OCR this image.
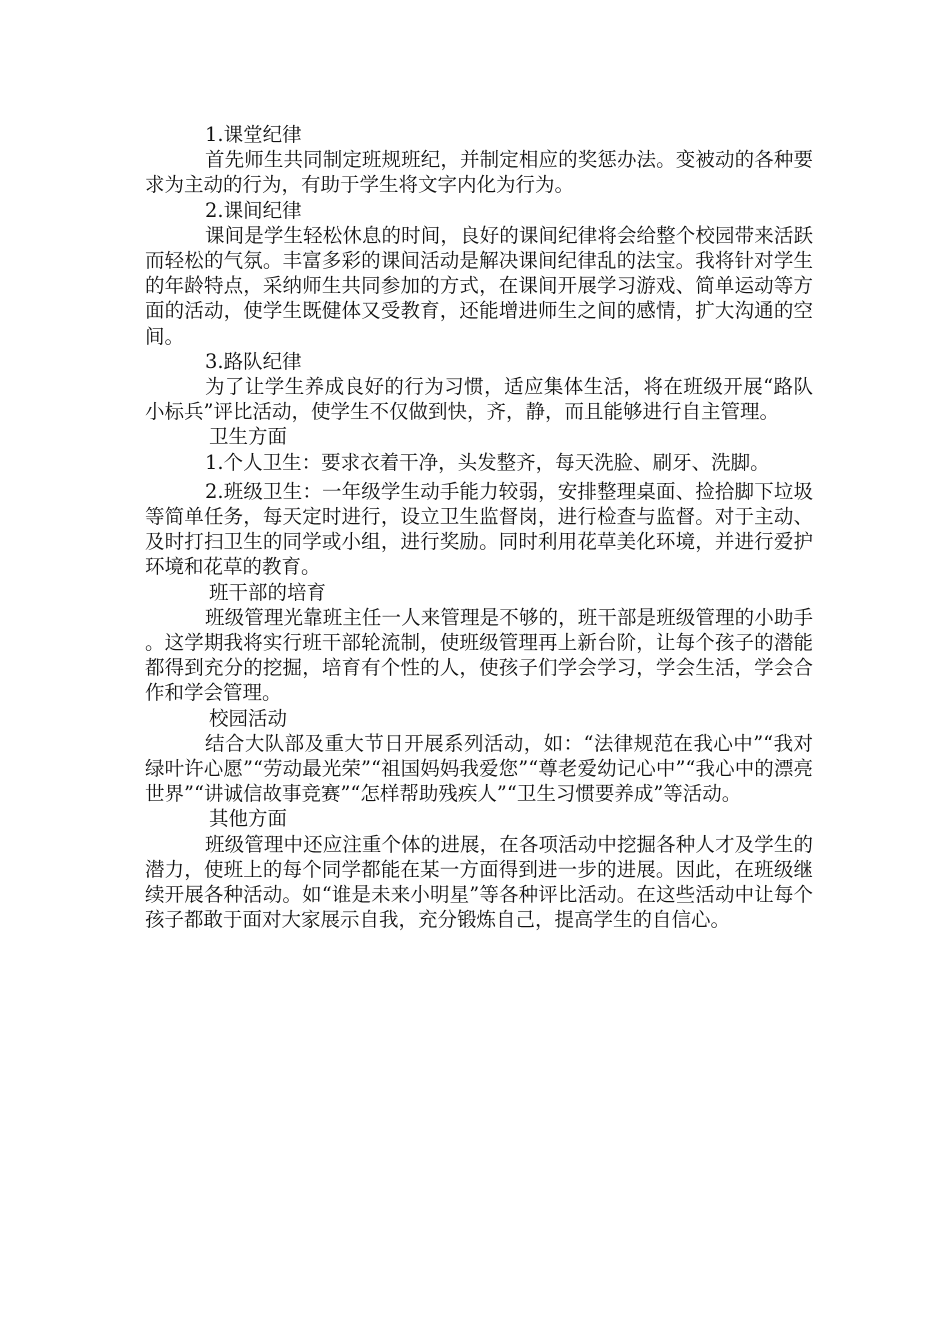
1.课堂纪律

首先师生共同制定班规班纪，并制定相应的奖惩办法。变被动的各种要求为主动的行为，有助于学生将文字内化为行为。

2.课间纪律

课间是学生轻松休息的时间，良好的课间纪律将会给整个校园带来活跃而轻松的气氛。丰富多彩的课间活动是解决课间纪律乱的法宝。我将针对学生的年龄特点，采纳师生共同参加的方式，在课间开展学习游戏、简单运动等方面的活动，使学生既健体又受教育，还能增进师生之间的感情，扩大沟通的空间。

3.路队纪律

为了让学生养成良好的行为习惯，适应集体生活，将在班级开展“路队小标兵”评比活动，使学生不仅做到快，齐，静，而且能够进行自主管理。

卫生方面

1.个人卫生：要求衣着干净，头发整齐，每天洗脸、刷牙、洗脚。

2.班级卫生：一年级学生动手能力较弱，安排整理桌面、捡拾脚下垃圾等简单任务，每天定时进行，设立卫生监督岗，进行检查与监督。对于主动、及时打扫卫生的同学或小组，进行奖励。同时利用花草美化环境，并进行爱护环境和花草的教育。

班干部的培育

班级管理光靠班主任一人来管理是不够的，班干部是班级管理的小助手。这学期我将实行班干部轮流制，使班级管理再上新台阶，让每个孩子的潜能都得到充分的挖掘，培育有个性的人，使孩子们学会学习，学会生活，学会合作和学会管理。

校园活动

结合大队部及重大节日开展系列活动，如：“法律规范在我心中”“我对绿叶许心愿”“劳动最光荣”“祖国妈妈我爱您”“尊老爱幼记心中”“我心中的漂亮世界”“讲诚信故事竞赛”“怎样帮助残疾人”“卫生习惯要养成”等活动。

其他方面

班级管理中还应注重个体的进展，在各项活动中挖掘各种人才及学生的潜力，使班上的每个同学都能在某一方面得到进一步的进展。因此，在班级继续开展各种活动。如“谁是未来小明星”等各种评比活动。在这些活动中让每个孩子都敢于面对大家展示自我，充分锻炼自己，提高学生的自信心。
